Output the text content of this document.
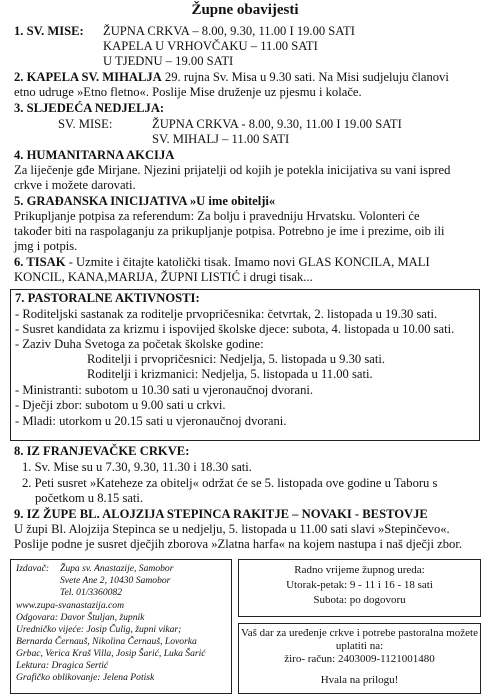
Župne obavijesti
1. SV. MISE: ŽUPNA CRKVA – 8.00, 9.30, 11.00 I 19.00 SATI
KAPELA U VRHOVČAKU – 11.00 SATI
U TJEDNU – 19.00 SATI
2. KAPELA SV. MIHALJA 29. rujna Sv. Misa u 9.30 sati. Na Misi sudjeluju članovi
etno udruge »Etno fletno«. Poslije Mise druženje uz pjesmu i kolače.
3. SLJEDEĆA NEDJELJA:
SV. MISE:	ŽUPNA CRKVA - 8.00, 9.30, 11.00 I 19.00 SATI
SV. MIHALJ – 11.00 SATI
4. HUMANITARNA AKCIJA
Za liječenje gđe Mirjane. Njezini prijatelji od kojih je potekla inicijativa su vani ispred
crkve i možete darovati.
5. GRAĐANSKA INICIJATIVA »U ime obitelji«
Prikupljanje potpisa za referendum: Za bolju i pravedniju Hrvatsku. Volonteri će
također biti na raspolaganju za prikupljanje potpisa. Potrebno je ime i prezime, oib ili
jmg i potpis.
6. TISAK - Uzmite i čitajte katolički tisak. Imamo novi GLAS KONCILA, MALI
KONCIL, KANA,MARIJA, ŽUPNI LISTIĆ i drugi tisak...
7. PASTORALNE AKTIVNOSTI:
- Roditeljski sastanak za roditelje prvopričesnika: četvrtak, 2. listopada u 19.30 sati.
- Susret kandidata za krizmu i ispovijed školske djece: subota, 4. listopada u 10.00 sati.
- Zaziv Duha Svetoga za početak školske godine:
Roditelji i prvopričesnici: Nedjelja, 5. listopada u 9.30 sati.
Roditelji i krizmanici: Nedjelja, 5. listopada u 11.00 sati.
- Ministranti: subotom u 10.30 sati u vjeronaučnoj dvorani.
- Dječji zbor: subotom u 9.00 sati u crkvi.
- Mladi: utorkom u 20.15 sati u vjeronaučnoj dvorani.
8. IZ FRANJEVAČKE CRKVE:
1. Sv. Mise su u 7.30, 9.30, 11.30 i 18.30 sati.
2. Peti susret »Kateheze za obitelj« održat će se 5. listopada ove godine u Taboru s
početkom u 8.15 sati.
9. IZ ŽUPE BL. ALOJZIJA STEPINCA RAKITJE – NOVAKI - BESTOVJE
U župi Bl. Alojzija Stepinca se u nedjelju, 5. listopada u 11.00 sati slavi »Stepinčevo«.
Poslije podne je susret dječjih zborova »Zlatna harfa« na kojem nastupa i naš dječji zbor.
Izdavač: Župa sv. Anastazije, Samobor
Svete Ane 2, 10430 Samobor
Tel. 01/3360082
www.zupa-svanastazija.com
Odgovara: Davor Štuljan, župnik
Uredničko vijeće: Josip Čulig, župni vikar;
Bernarda Černauš, Nikolina Černauš, Lovorka
Grbac, Verica Kraš Villa, Josip Šarić, Luka Šarić
Lektura: Dragica Sertić
Grafičko oblikovanje: Jelena Potisk
Radno vrijeme župnog ureda:
Utorak-petak: 9 - 11 i 16 - 18 sati
Subota: po dogovoru
Vaš dar za uređenje crkve i potrebe pastoralna možete
uplatiti na:
žiro- račun: 2403009-1121001480
Hvala na prilogu!
